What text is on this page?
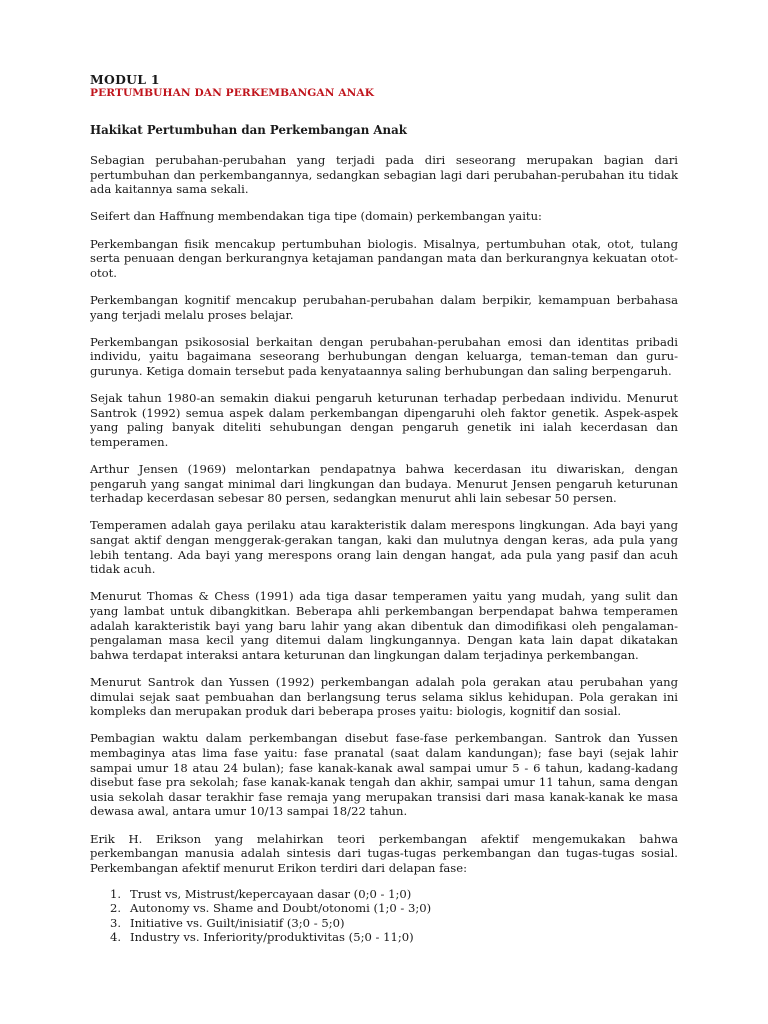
MODUL 1
PERTUMBUHAN DAN PERKEMBANGAN ANAK
Hakikat Pertumbuhan dan Perkembangan Anak

Sebagian perubahan-perubahan yang terjadi pada diri seseorang merupakan bagian dari pertumbuhan dan perkembangannya, sedangkan sebagian lagi dari perubahan-perubahan itu tidak ada kaitannya sama sekali.

Seifert dan Haffnung membendakan tiga tipe (domain) perkembangan yaitu:

Perkembangan fisik mencakup pertumbuhan biologis. Misalnya, pertumbuhan otak, otot, tulang serta penuaan dengan berkurangnya ketajaman pandangan mata dan berkurangnya kekuatan otot-otot.

Perkembangan kognitif mencakup perubahan-perubahan dalam berpikir, kemampuan berbahasa yang terjadi melalu proses belajar.

Perkembangan psikososial berkaitan dengan perubahan-perubahan emosi dan identitas pribadi individu, yaitu bagaimana seseorang berhubungan dengan keluarga, teman-teman dan guru-gurunya. Ketiga domain tersebut pada kenyataannya saling berhubungan dan saling berpengaruh.

Sejak tahun 1980-an semakin diakui pengaruh keturunan terhadap perbedaan individu. Menurut Santrok (1992) semua aspek dalam perkembangan dipengaruhi oleh faktor genetik. Aspek-aspek yang paling banyak diteliti sehubungan dengan pengaruh genetik ini ialah kecerdasan dan temperamen.

Arthur Jensen (1969) melontarkan pendapatnya bahwa kecerdasan itu diwariskan, dengan pengaruh yang sangat minimal dari lingkungan dan budaya. Menurut Jensen pengaruh keturunan terhadap kecerdasan sebesar 80 persen, sedangkan menurut ahli lain sebesar 50 persen.

Temperamen adalah gaya perilaku atau karakteristik dalam merespons lingkungan. Ada bayi yang sangat aktif dengan menggerak-gerakan tangan, kaki dan mulutnya dengan keras, ada pula yang lebih tentang. Ada bayi yang merespons orang lain dengan hangat, ada pula yang pasif dan acuh tidak acuh.

Menurut Thomas & Chess (1991) ada tiga dasar temperamen yaitu yang mudah, yang sulit dan yang lambat untuk dibangkitkan. Beberapa ahli perkembangan berpendapat bahwa temperamen adalah karakteristik bayi yang baru lahir yang akan dibentuk dan dimodifikasi oleh pengalaman-pengalaman masa kecil yang ditemui dalam lingkungannya. Dengan kata lain dapat dikatakan bahwa terdapat interaksi antara keturunan dan lingkungan dalam terjadinya perkembangan.

Menurut Santrok dan Yussen (1992) perkembangan adalah pola gerakan atau perubahan yang dimulai sejak saat pembuahan dan berlangsung terus selama siklus kehidupan. Pola gerakan ini kompleks dan merupakan produk dari beberapa proses yaitu: biologis, kognitif dan sosial.

Pembagian waktu dalam perkembangan disebut fase-fase perkembangan. Santrok dan Yussen membaginya atas lima fase yaitu: fase pranatal (saat dalam kandungan); fase bayi (sejak lahir sampai umur 18 atau 24 bulan); fase kanak-kanak awal sampai umur 5 - 6 tahun, kadang-kadang disebut fase pra sekolah; fase kanak-kanak tengah dan akhir, sampai umur 11 tahun, sama dengan usia sekolah dasar terakhir fase remaja yang merupakan transisi dari masa kanak-kanak ke masa dewasa awal, antara umur 10/13 sampai 18/22 tahun.

Erik H. Erikson yang melahirkan teori perkembangan afektif mengemukakan bahwa perkembangan manusia adalah sintesis dari tugas-tugas perkembangan dan tugas-tugas sosial. Perkembangan afektif menurut Erikon terdiri dari delapan fase:

1. Trust vs, Mistrust/kepercayaan dasar (0;0 - 1;0)
2. Autonomy vs. Shame and Doubt/otonomi (1;0 - 3;0)
3. Initiative vs. Guilt/inisiatif (3;0 - 5;0)
4. Industry vs. Inferiority/produktivitas (5;0 - 11;0)
